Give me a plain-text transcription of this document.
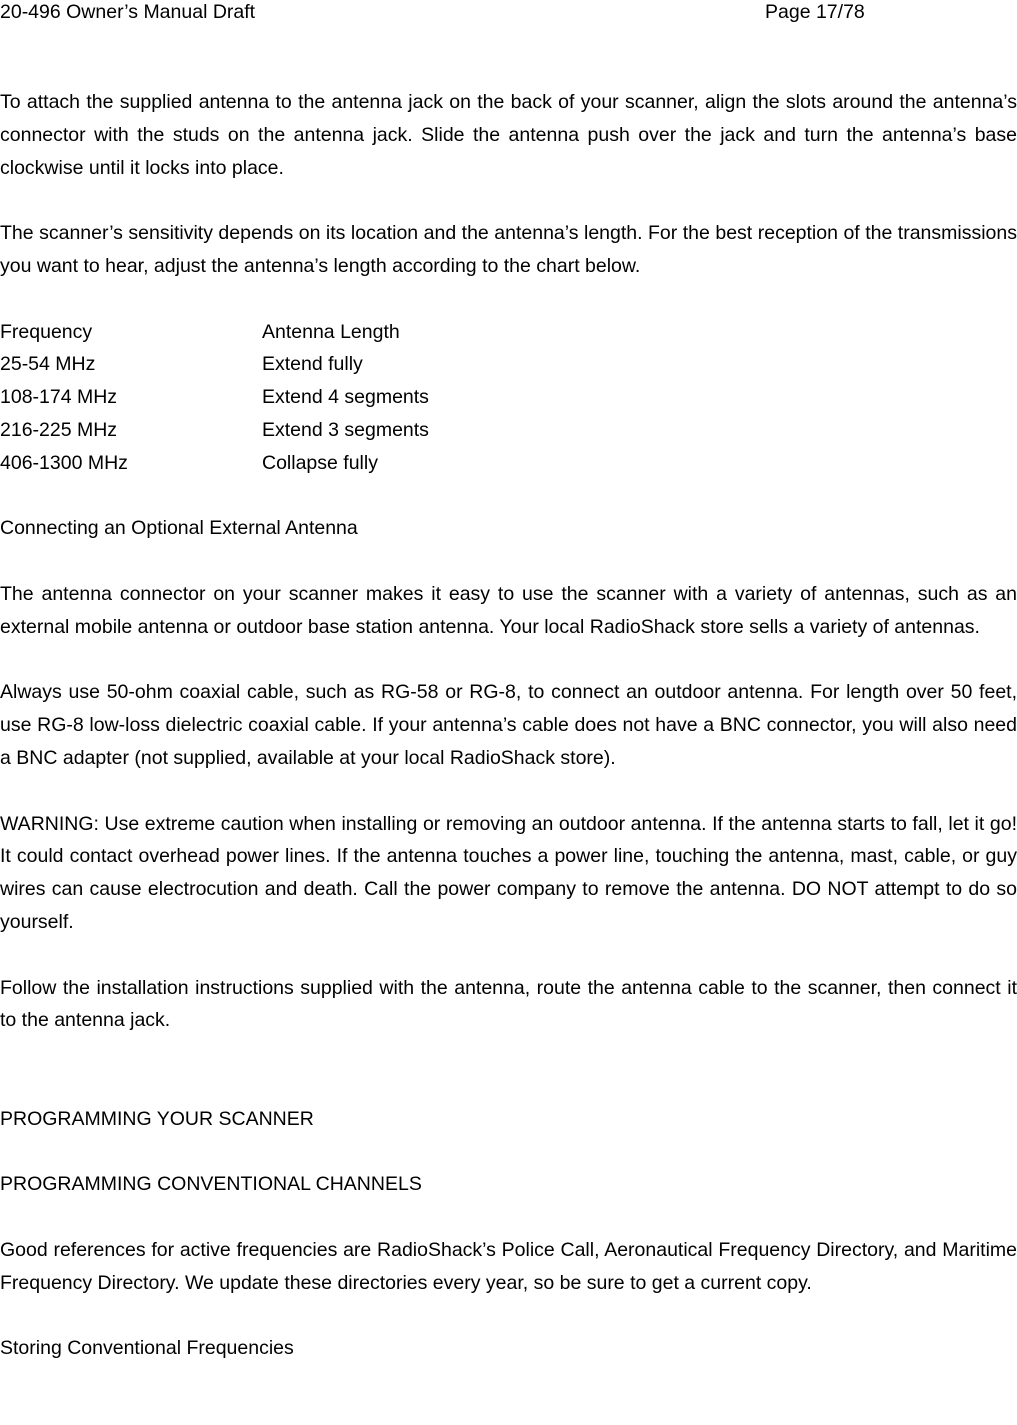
20-496 Owner’s Manual Draft	Page 17/78

To attach the supplied antenna to the antenna jack on the back of your scanner, align the slots around the antenna’s connector with the studs on the antenna jack. Slide the antenna push over the jack and turn the antenna’s base clockwise until it locks into place.

The scanner’s sensitivity depends on its location and the antenna’s length. For the best reception of the transmissions you want to hear, adjust the antenna’s length according to the chart below.

Frequency	Antenna Length
25-54 MHz	Extend fully
108-174 MHz	Extend 4 segments
216-225 MHz	Extend 3 segments
406-1300 MHz	Collapse fully

Connecting an Optional External Antenna

The antenna connector on your scanner makes it easy to use the scanner with a variety of antennas, such as an external mobile antenna or outdoor base station antenna. Your local RadioShack store sells a variety of antennas.

Always use 50-ohm coaxial cable, such as RG-58 or RG-8, to connect an outdoor antenna. For length over 50 feet, use RG-8 low-loss dielectric coaxial cable. If your antenna’s cable does not have a BNC connector, you will also need a BNC adapter (not supplied, available at your local RadioShack store).

WARNING: Use extreme caution when installing or removing an outdoor antenna. If the antenna starts to fall, let it go! It could contact overhead power lines. If the antenna touches a power line, touching the antenna, mast, cable, or guy wires can cause electrocution and death. Call the power company to remove the antenna. DO NOT attempt to do so yourself.

Follow the installation instructions supplied with the antenna, route the antenna cable to the scanner, then connect it to the antenna jack.

PROGRAMMING YOUR SCANNER

PROGRAMMING CONVENTIONAL CHANNELS

Good references for active frequencies are RadioShack’s Police Call, Aeronautical Frequency Directory, and Maritime Frequency Directory. We update these directories every year, so be sure to get a current copy.

Storing Conventional Frequencies
